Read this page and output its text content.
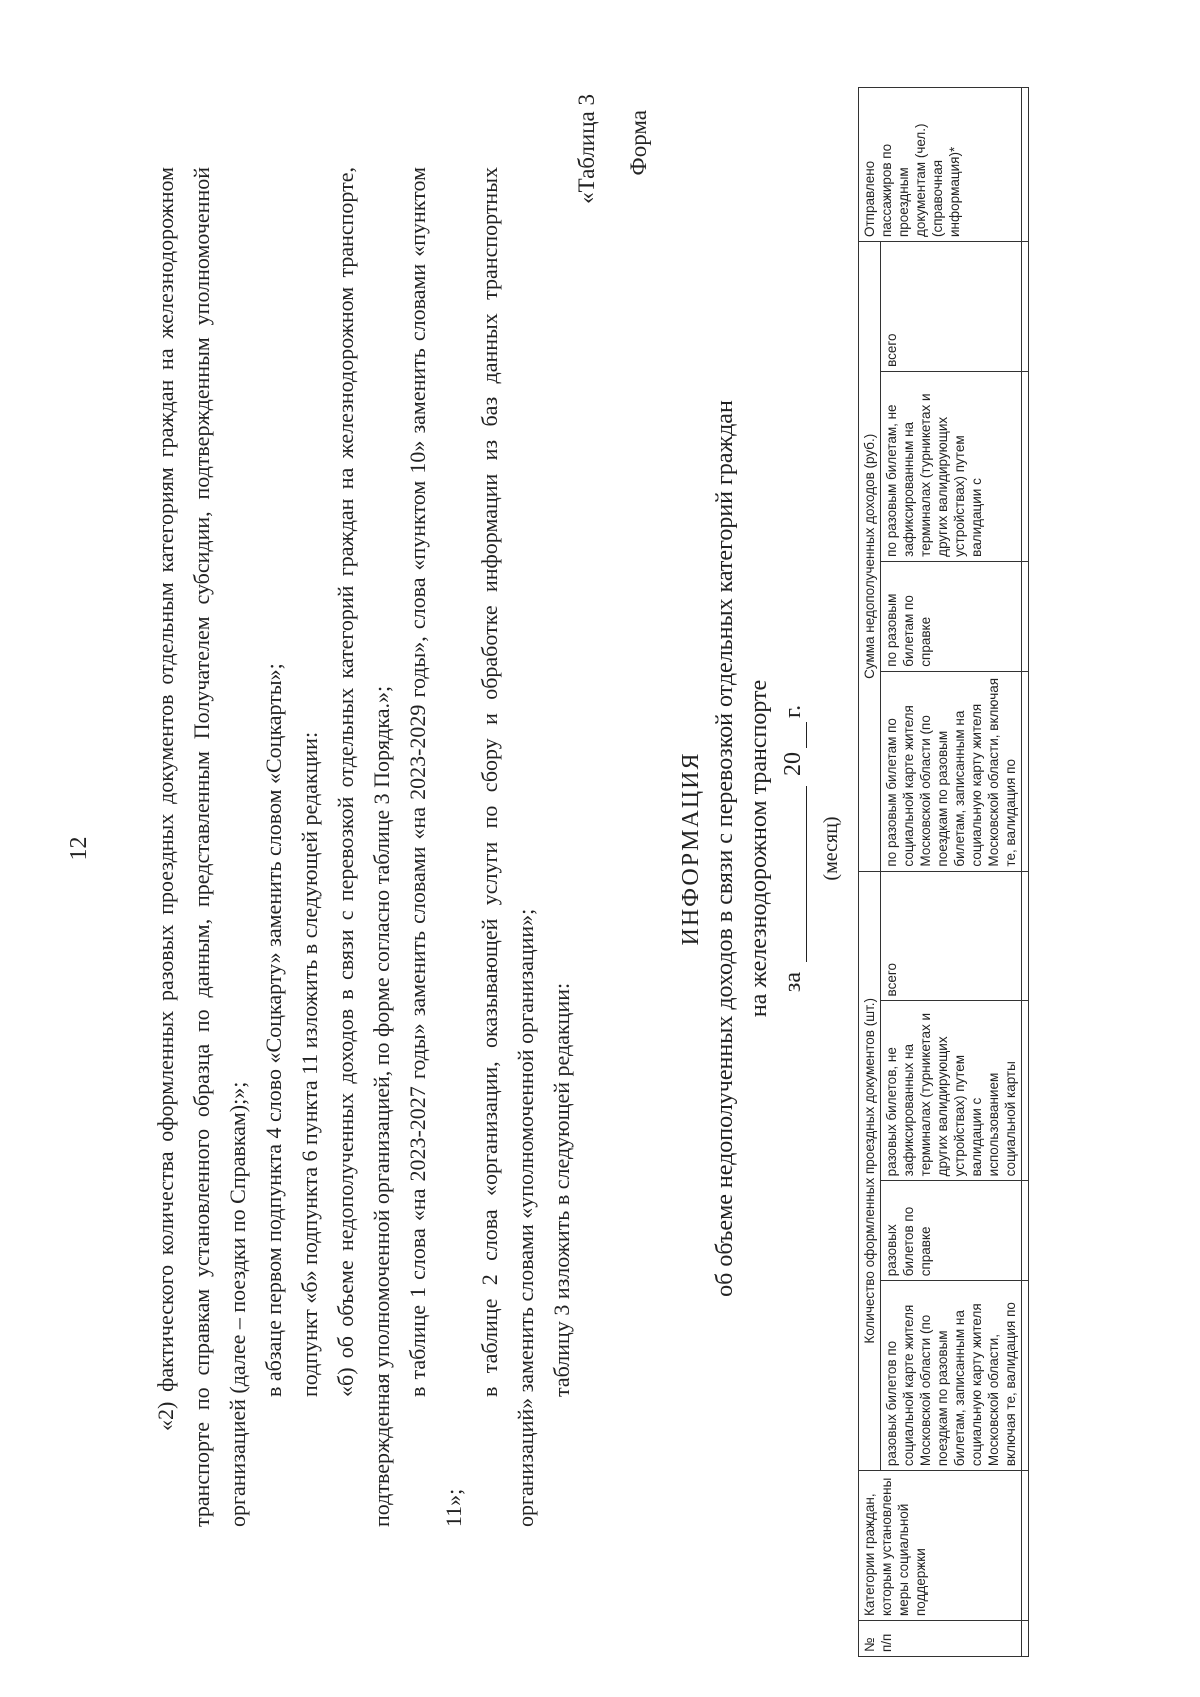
12	«2) фактического количества оформленных разовых проездных документов отдельным категориям граждан на железнодорожном транспорте по справкам установленного образца по данным, представленным Получателем субсидии, подтвержденным уполномоченной организацией (далее – поездки по Справкам);»; в абзаце первом подпункта 4 слово «Соцкарту» заменить словом «Соцкарты»; подпункт «б» подпункта 6 пункта 11 изложить в следующей редакции: «б) об объеме недополученных доходов в связи с перевозкой отдельных категорий граждан на железнодорожном транспорте, подтвержденная уполномоченной организацией, по форме согласно таблице 3 Порядка.»; в таблице 1 слова «на 2023-2027 годы» заменить словами «на 2023-2029 годы», слова «пунктом 10» заменить словами «пунктом 11»;

в таблице 2 слова «организации, оказывающей услуги по сбору и обработке информации из баз данных транспортных организаций» заменить словами «уполномоченной организации»; таблицу 3 изложить в следующей редакции:

«Таблица 3 Форма
ИНФОРМАЦИЯ об объеме недополученных доходов в связи с перевозкой отдельных категорий граждан на железнодорожном транспорте за  20г.
(месяц)
№ п/п	Категории граждан, которым установлены меры социальной поддержки	Количество оформленных проездных документов (шт.)				Сумма недополученных доходов (руб.)				Отправлено пассажиров по проездным документам (чел.) (справочная информация)*
		разовых билетов по социальной карте жителя Московской области (по поездкам по разовым билетам, записанным на социальную карту жителя Московской области, включая те, валидация по	разовых билетов по справке	разовых билетов, не зафиксированных на терминалах (турникетах и других валидирующих устройствах) путем валидации с использованием социальной карты	всего	по разовым билетам по социальной карте жителя Московской области (по поездкам по разовым билетам, записанным на социальную карту жителя Московской области, включая те, валидация по	по разовым билетам по справке	по разовым билетам, не зафиксированным на терминалах (турникетах и других валидирующих устройствах) путем валидации с	всего	
